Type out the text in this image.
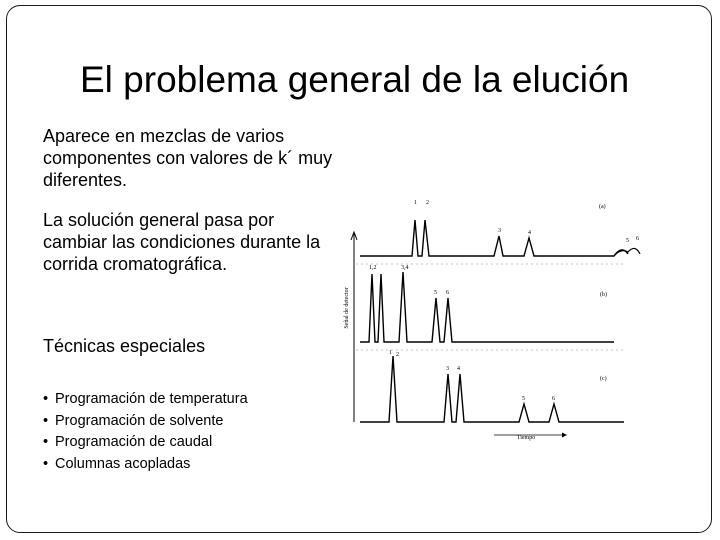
El problema general de la elución
Aparece en mezclas de varios componentes con valores de k´ muy diferentes.
La solución general pasa por cambiar las condiciones durante la corrida cromatográfica.
Técnicas especiales
• Programación de temperatura
• Programación de solvente
• Programación de caudal
• Columnas acopladas
Señal de detector
Tiempo
1 2
3	4
5 6
(a)
1,2	3,4
5 6	(b)
1 2
3 4
5	6
(c)
